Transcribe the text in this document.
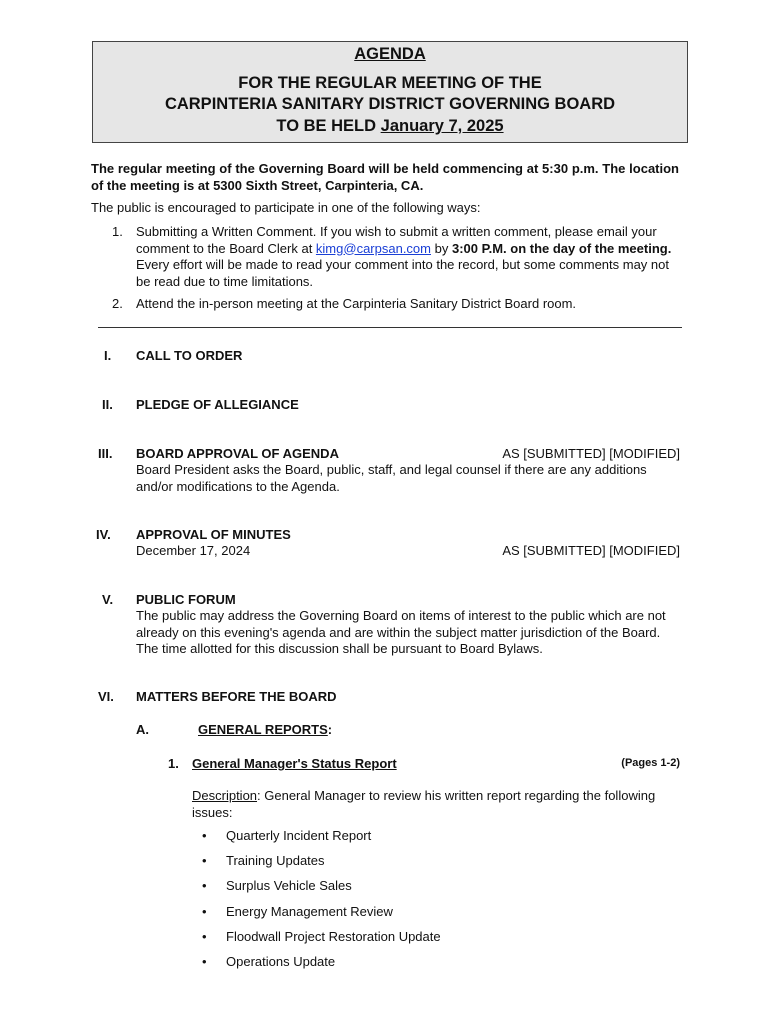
AGENDA
FOR THE REGULAR MEETING OF THE
CARPINTERIA SANITARY DISTRICT GOVERNING BOARD
TO BE HELD January 7, 2025
The regular meeting of the Governing Board will be held commencing at 5:30 p.m. The location of the meeting is at 5300 Sixth Street, Carpinteria, CA.
The public is encouraged to participate in one of the following ways:
1. Submitting a Written Comment. If you wish to submit a written comment, please email your comment to the Board Clerk at kimg@carpsan.com by 3:00 P.M. on the day of the meeting. Every effort will be made to read your comment into the record, but some comments may not be read due to time limitations.
2. Attend the in-person meeting at the Carpinteria Sanitary District Board room.
I. CALL TO ORDER
II. PLEDGE OF ALLEGIANCE
III. BOARD APPROVAL OF AGENDA	AS [SUBMITTED] [MODIFIED]
Board President asks the Board, public, staff, and legal counsel if there are any additions and/or modifications to the Agenda.
IV. APPROVAL OF MINUTES
December 17, 2024	AS [SUBMITTED] [MODIFIED]
V. PUBLIC FORUM
The public may address the Governing Board on items of interest to the public which are not already on this evening's agenda and are within the subject matter jurisdiction of the Board. The time allotted for this discussion shall be pursuant to Board Bylaws.
VI. MATTERS BEFORE THE BOARD
A.	GENERAL REPORTS:
1. General Manager's Status Report	(Pages 1-2)
Description: General Manager to review his written report regarding the following issues:
• Quarterly Incident Report
• Training Updates
• Surplus Vehicle Sales
• Energy Management Review
• Floodwall Project Restoration Update
• Operations Update
